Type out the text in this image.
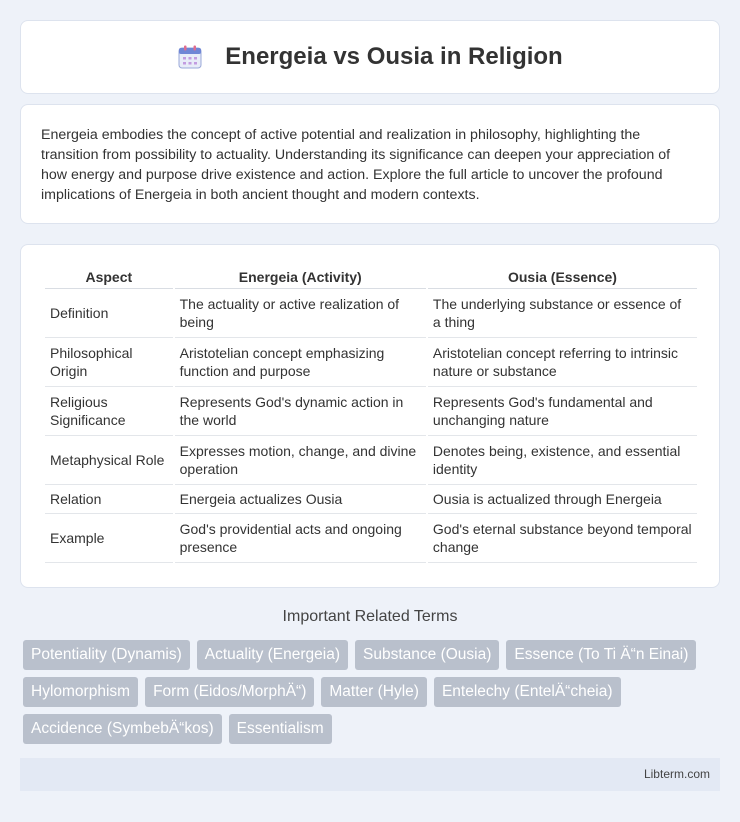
Energeia vs Ousia in Religion

Energeia embodies the concept of active potential and realization in philosophy, highlighting the transition from possibility to actuality. Understanding its significance can deepen your appreciation of how energy and purpose drive existence and action. Explore the full article to uncover the profound implications of Energeia in both ancient thought and modern contexts.

Aspect	Energeia (Activity)	Ousia (Essence)
Definition	The actuality or active realization of being	The underlying substance or essence of a thing
Philosophical Origin	Aristotelian concept emphasizing function and purpose	Aristotelian concept referring to intrinsic nature or substance
Religious Significance	Represents God's dynamic action in the world	Represents God's fundamental and unchanging nature
Metaphysical Role	Expresses motion, change, and divine operation	Denotes being, existence, and essential identity
Relation	Energeia actualizes Ousia	Ousia is actualized through Energeia
Example	God's providential acts and ongoing presence	God's eternal substance beyond temporal change
Important Related Terms
Potentiality (Dynamis)	Actuality (Energeia)	Substance (Ousia)	Essence (To Ti Ä“n Einai)
Hylomorphism	Form (Eidos/MorphÄ“)	Matter (Hyle)	Entelechy (EntelÄ“cheia)
Accidence (SymbebÄ“kos)	Essentialism
Libterm.com
